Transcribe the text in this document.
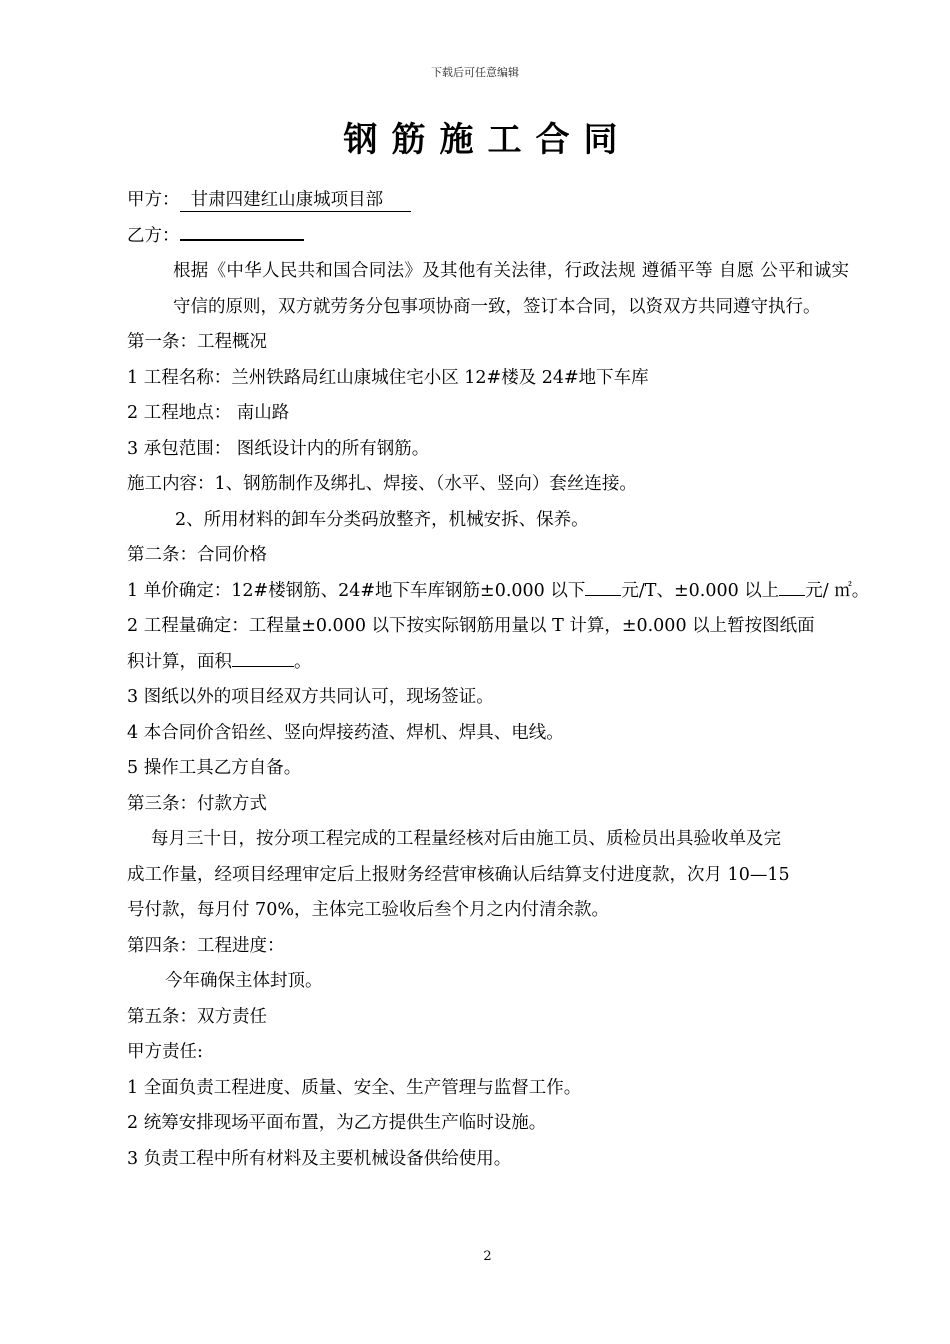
下载后可任意编辑
钢筋施工合同
甲方： 甘肃四建红山康城项目部
乙方：
根据《中华人民共和国合同法》及其他有关法律，行政法规 遵循平等 自愿 公平和诚实守信的原则，双方就劳务分包事项协商一致，签订本合同，以资双方共同遵守执行。
第一条：工程概况
1 工程名称：兰州铁路局红山康城住宅小区 12#楼及 24#地下车库
2 工程地点： 南山路
3 承包范围： 图纸设计内的所有钢筋。
施工内容：1、钢筋制作及绑扎、焊接、（水平、竖向）套丝连接。
2、所用材料的卸车分类码放整齐，机械安拆、保养。
第二条：合同价格
1 单价确定：12#楼钢筋、24#地下车库钢筋±0.000 以下 元/T、±0.000 以上 元/ ㎡。
2 工程量确定：工程量±0.000 以下按实际钢筋用量以 T 计算，±0.000 以上暂按图纸面
积计算，面积	。
3 图纸以外的项目经双方共同认可，现场签证。
4 本合同价含铅丝、竖向焊接药渣、焊机、焊具、电线。
5 操作工具乙方自备。
第三条：付款方式
每月三十日，按分项工程完成的工程量经核对后由施工员、质检员出具验收单及完
成工作量，经项目经理审定后上报财务经营审核确认后结算支付进度款，次月 10—15
号付款，每月付 70%，主体完工验收后叁个月之内付清余款。
第四条：工程进度：
今年确保主体封顶。
第五条：双方责任
甲方责任:
1 全面负责工程进度、质量、安全、生产管理与监督工作。
2 统筹安排现场平面布置，为乙方提供生产临时设施。
3 负责工程中所有材料及主要机械设备供给使用。
2
